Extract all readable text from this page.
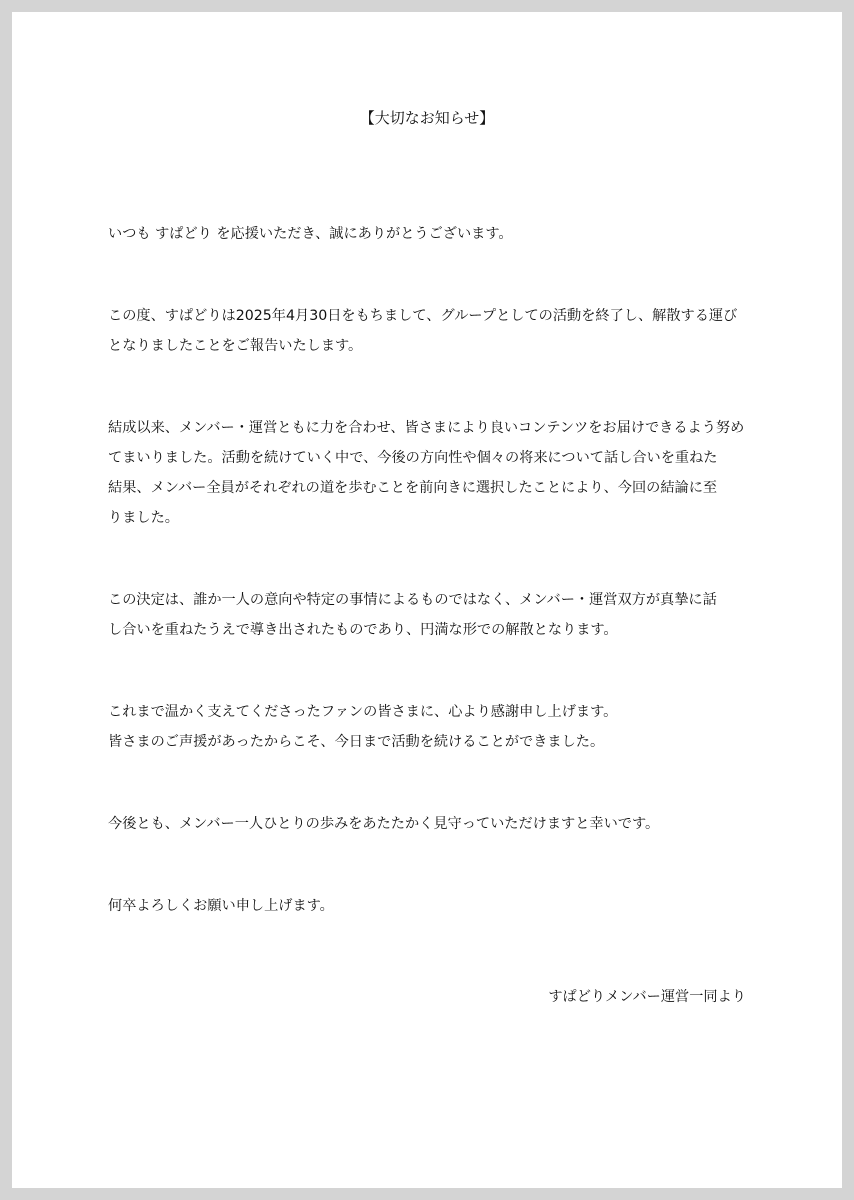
【大切なお知らせ】

いつも すぱどり を応援いただき、誠にありがとうございます。

この度、すぱどりは2025年4月30日をもちまして、グループとしての活動を終了し、解散する運び
となりましたことをご報告いたします。

結成以来、メンバー・運営ともに力を合わせ、皆さまにより良いコンテンツをお届けできるよう努め
てまいりました。活動を続けていく中で、今後の方向性や個々の将来について話し合いを重ねた
結果、メンバー全員がそれぞれの道を歩むことを前向きに選択したことにより、今回の結論に至
りました。

この決定は、誰か一人の意向や特定の事情によるものではなく、メンバー・運営双方が真摯に話
し合いを重ねたうえで導き出されたものであり、円満な形での解散となります。

これまで温かく支えてくださったファンの皆さまに、心より感謝申し上げます。
皆さまのご声援があったからこそ、今日まで活動を続けることができました。

今後とも、メンバー一人ひとりの歩みをあたたかく見守っていただけますと幸いです。

何卒よろしくお願い申し上げます。

すぱどりメンバー運営一同より
